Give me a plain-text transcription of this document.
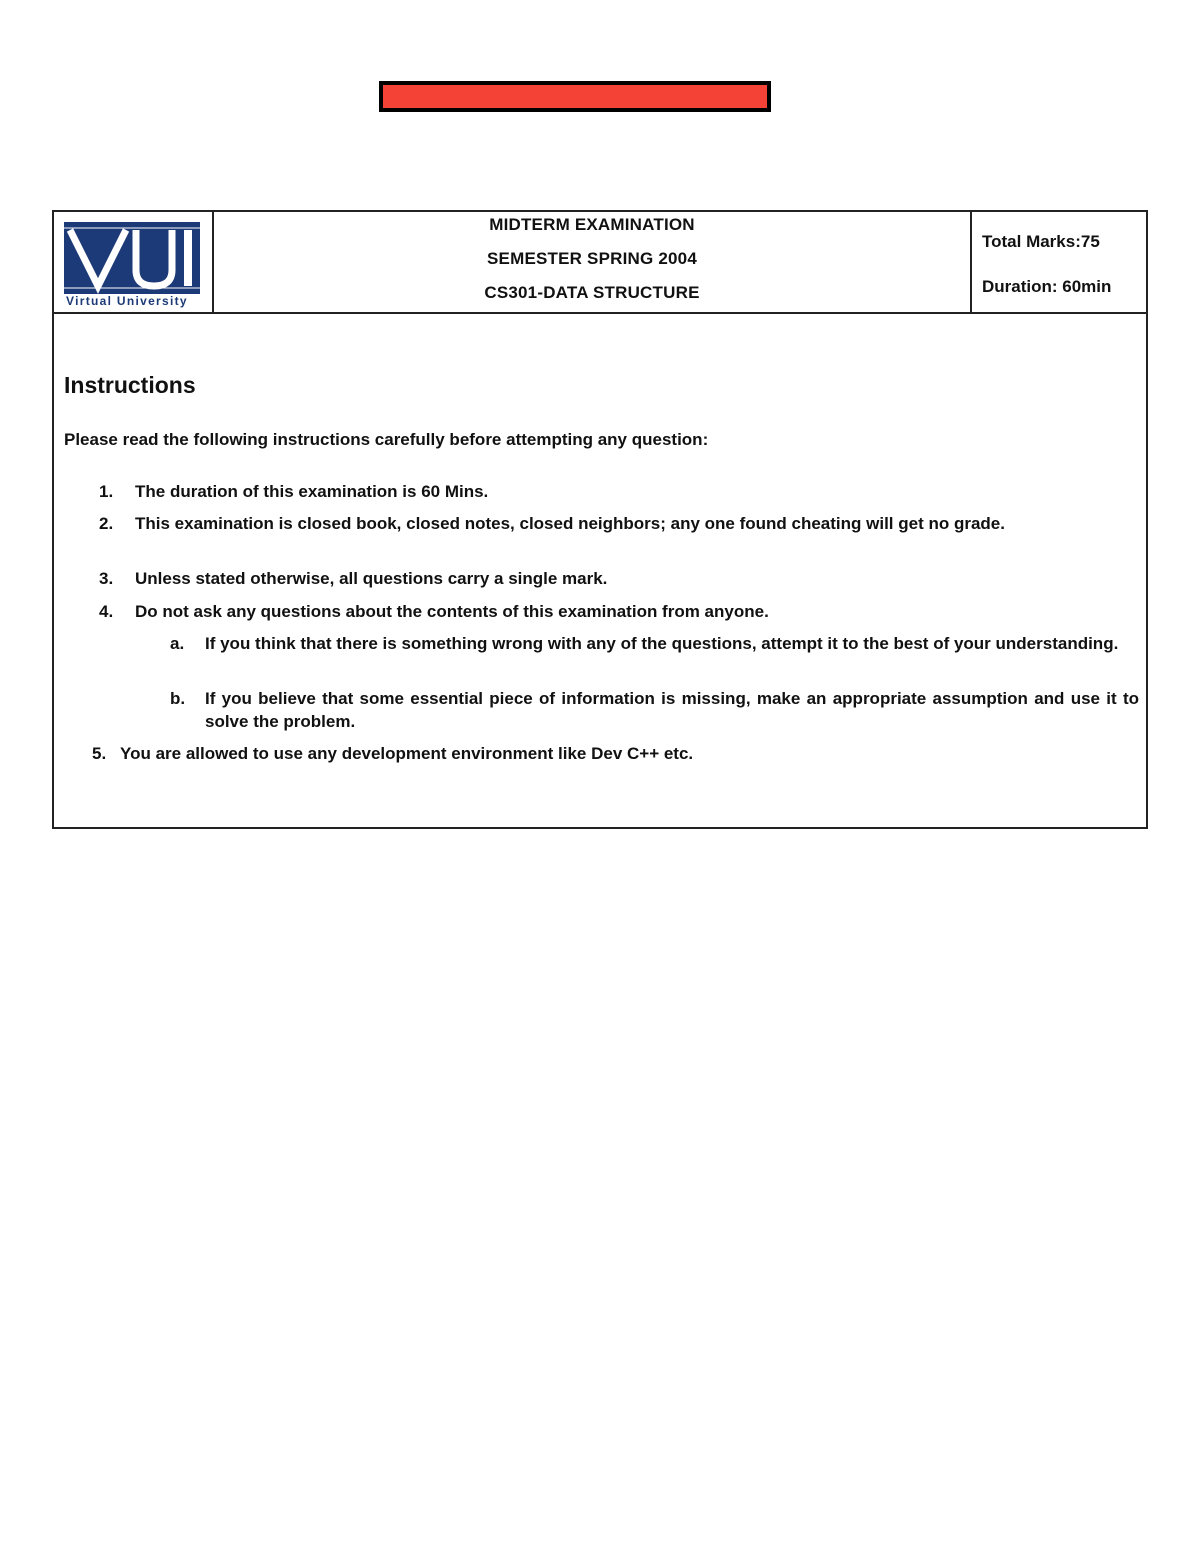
Virtual University
MIDTERM EXAMINATION
SEMESTER SPRING 2004
CS301-DATA STRUCTURE
Total Marks:75
Duration: 60min
Instructions
Please read the following instructions carefully before attempting any question:
1. The duration of this examination is 60 Mins.
2. This examination is closed book, closed notes, closed neighbors; any one found cheating will get no grade.
3. Unless stated otherwise, all questions carry a single mark.
4. Do not ask any questions about the contents of this examination from anyone.
a. If you think that there is something wrong with any of the questions, attempt it to the best of your understanding.
b. If you believe that some essential piece of information is missing, make an appropriate assumption and use it to solve the problem.
5. You are allowed to use any development environment like Dev C++ etc.
